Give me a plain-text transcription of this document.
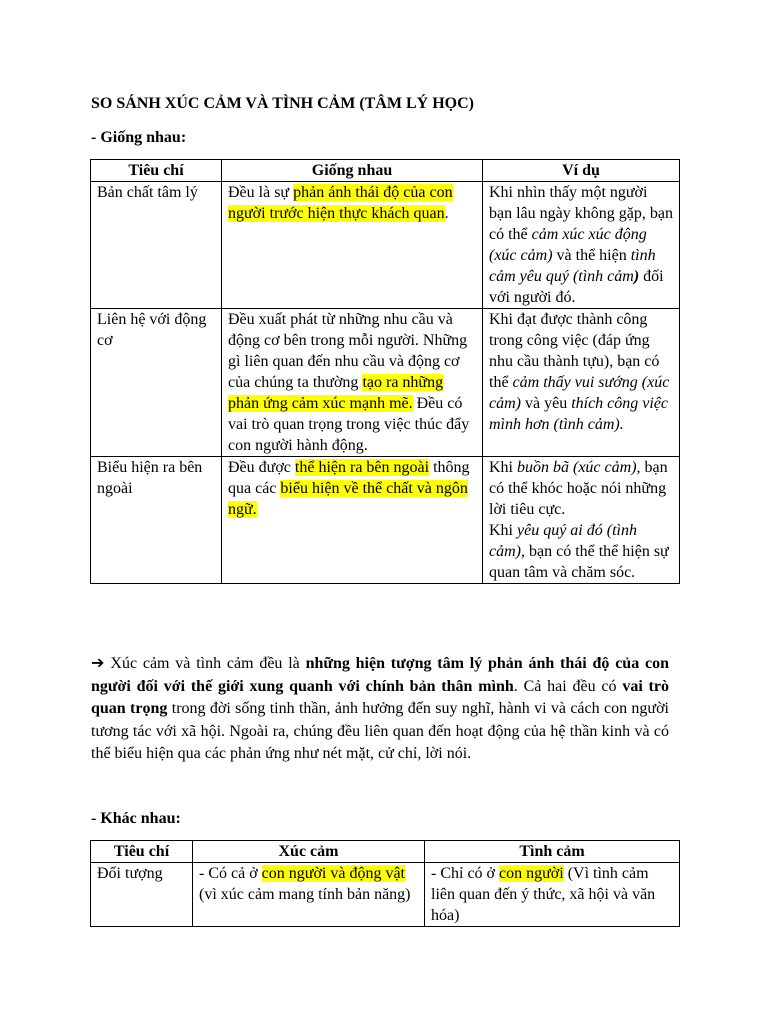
SO SÁNH XÚC CẢM VÀ TÌNH CẢM (TÂM LÝ HỌC)
- Giống nhau:
Tiêu chí	Giống nhau	Ví dụ
Bản chất tâm lý	Đều là sự phản ánh thái độ của con người trước hiện thực khách quan.	Khi nhìn thấy một người bạn lâu ngày không gặp, bạn có thể cảm xúc xúc động (xúc cảm) và thể hiện tình cảm yêu quý (tình cảm) đối với người đó.
Liên hệ với động cơ	Đều xuất phát từ những nhu cầu và động cơ bên trong mỗi người. Những gì liên quan đến nhu cầu và động cơ của chúng ta thường tạo ra những phản ứng cảm xúc mạnh mẽ. Đều có vai trò quan trọng trong việc thúc đẩy con người hành động.	Khi đạt được thành công trong công việc (đáp ứng nhu cầu thành tựu), bạn có thể cảm thấy vui sướng (xúc cảm) và yêu thích công việc mình hơn (tình cảm).
Biểu hiện ra bên ngoài	Đều được thể hiện ra bên ngoài thông qua các biểu hiện về thể chất và ngôn ngữ.	Khi buồn bã (xúc cảm), bạn có thể khóc hoặc nói những lời tiêu cực.
Khi yêu quý ai đó (tình cảm), bạn có thể thể hiện sự quan tâm và chăm sóc.
➔ Xúc cảm và tình cảm đều là những hiện tượng tâm lý phản ánh thái độ của con người đối với thế giới xung quanh với chính bản thân mình. Cả hai đều có vai trò quan trọng trong đời sống tinh thần, ảnh hưởng đến suy nghĩ, hành vi và cách con người tương tác với xã hội. Ngoài ra, chúng đều liên quan đến hoạt động của hệ thần kinh và có thể biểu hiện qua các phản ứng như nét mặt, cử chỉ, lời nói.
- Khác nhau:
Tiêu chí	Xúc cảm	Tình cảm
Đối tượng	- Có cả ở con người và động vật (vì xúc cảm mang tính bản năng)	- Chỉ có ở con người (Vì tình cảm liên quan đến ý thức, xã hội và văn hóa)
